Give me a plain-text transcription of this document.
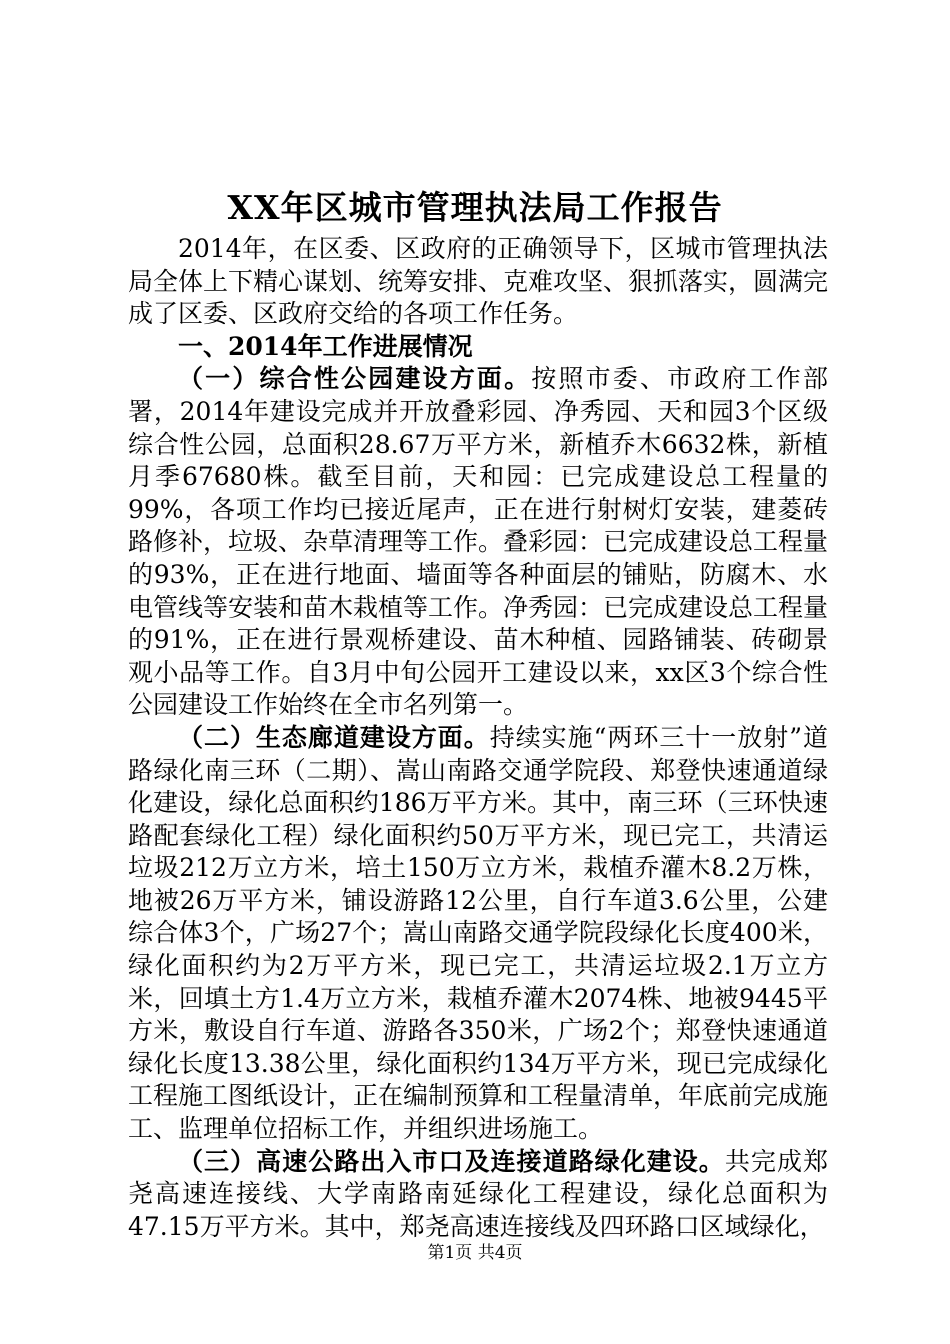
XX年区城市管理执法局工作报告

2014年，在区委、区政府的正确领导下，区城市管理执法局全体上下精心谋划、统筹安排、克难攻坚、狠抓落实，圆满完成了区委、区政府交给的各项工作任务。

一、2014年工作进展情况

（一）综合性公园建设方面。按照市委、市政府工作部署，2014年建设完成并开放叠彩园、净秀园、天和园3个区级综合性公园，总面积28.67万平方米，新植乔木6632株，新植月季67680株。截至目前，天和园：已完成建设总工程量的99%，各项工作均已接近尾声，正在进行射树灯安装，建菱砖路修补，垃圾、杂草清理等工作。叠彩园：已完成建设总工程量的93%，正在进行地面、墙面等各种面层的铺贴，防腐木、水电管线等安装和苗木栽植等工作。净秀园：已完成建设总工程量的91%，正在进行景观桥建设、苗木种植、园路铺装、砖砌景观小品等工作。自3月中旬公园开工建设以来，xx区3个综合性公园建设工作始终在全市名列第一。

（二）生态廊道建设方面。持续实施“两环三十一放射”道路绿化南三环（二期）、嵩山南路交通学院段、郑登快速通道绿化建设，绿化总面积约186万平方米。其中，南三环（三环快速路配套绿化工程）绿化面积约50万平方米，现已完工，共清运垃圾212万立方米，培土150万立方米，栽植乔灌木8.2万株，地被26万平方米，铺设游路12公里，自行车道3.6公里，公建综合体3个，广场27个；嵩山南路交通学院段绿化长度400米，绿化面积约为2万平方米，现已完工，共清运垃圾2.1万立方米，回填土方1.4万立方米，栽植乔灌木2074株、地被9445平方米，敷设自行车道、游路各350米，广场2个；郑登快速通道绿化长度13.38公里，绿化面积约134万平方米，现已完成绿化工程施工图纸设计，正在编制预算和工程量清单，年底前完成施工、监理单位招标工作，并组织进场施工。

（三）高速公路出入市口及连接道路绿化建设。共完成郑尧高速连接线、大学南路南延绿化工程建设，绿化总面积为47.15万平方米。其中，郑尧高速连接线及四环路口区域绿化，

第1页 共4页
